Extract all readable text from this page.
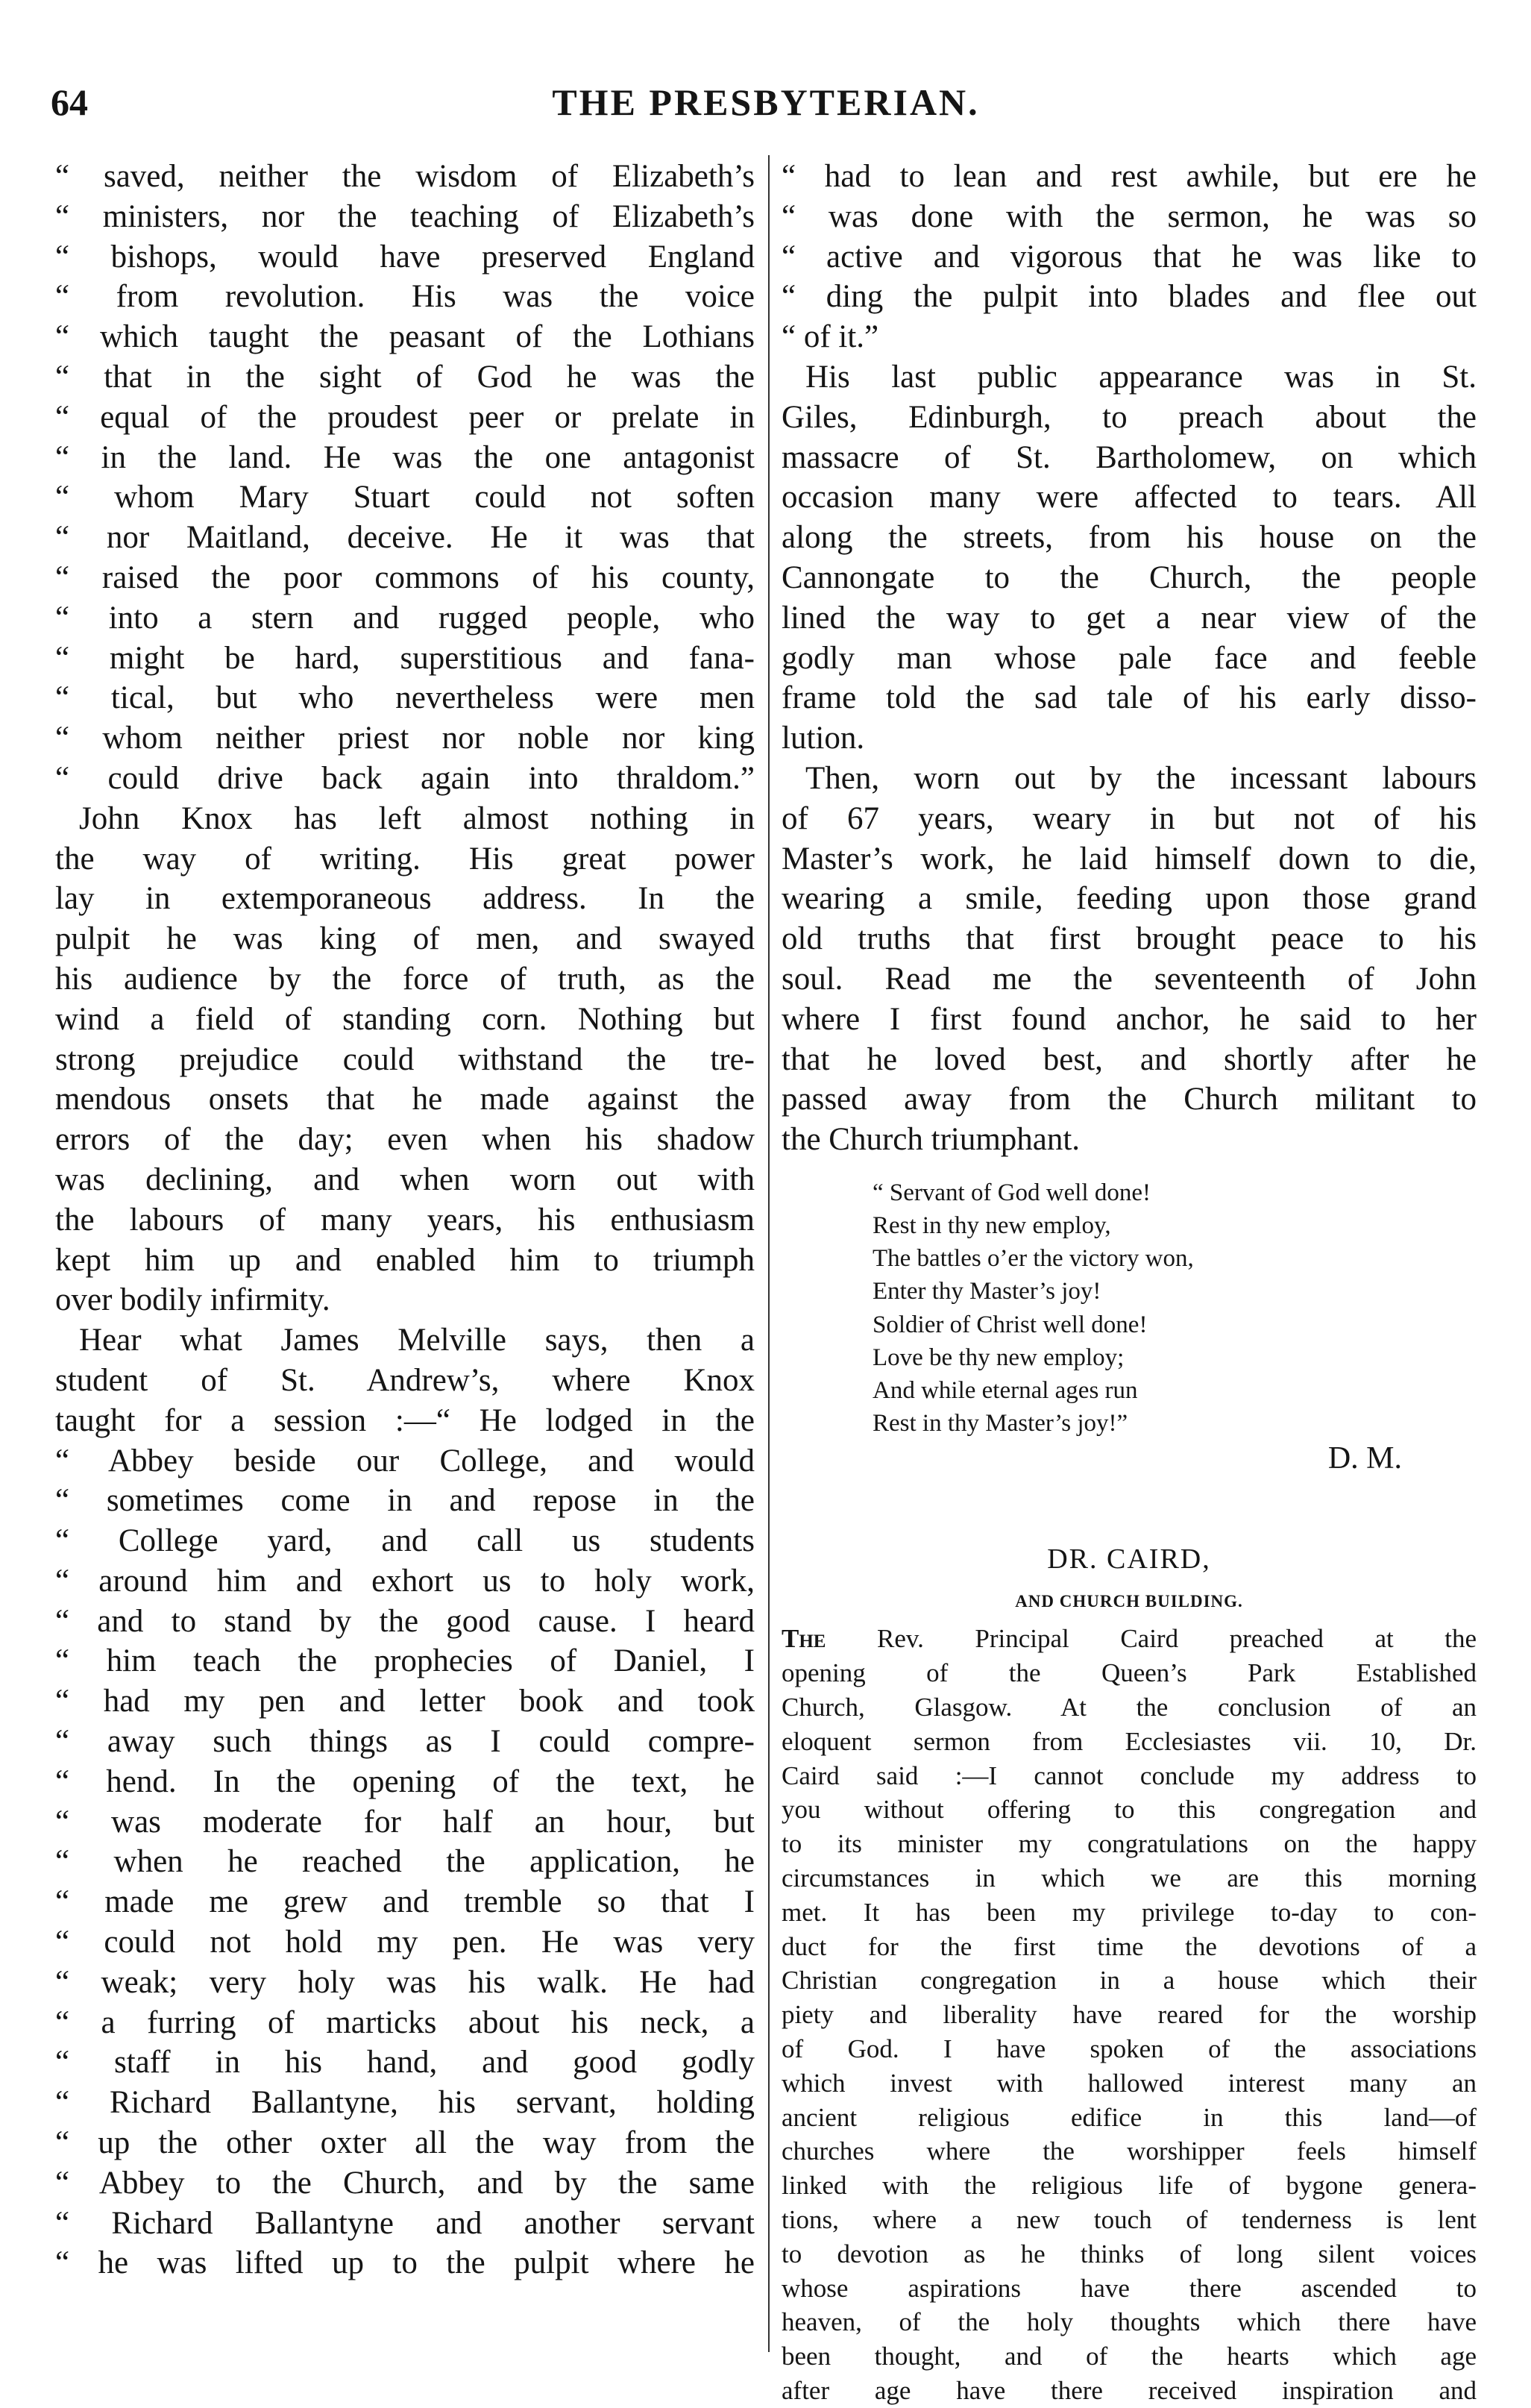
64	THE PRESBYTERIAN.
“ saved, neither the wisdom of Elizabeth’s
“ ministers, nor the teaching of Elizabeth’s
“ bishops, would have preserved England
“ from revolution. His was the voice
“ which taught the peasant of the Lothians
“ that in the sight of God he was the
“ equal of the proudest peer or prelate in
“ in the land. He was the one antagonist
“ whom Mary Stuart could not soften
“ nor Maitland, deceive. He it was that
“ raised the poor commons of his county,
“ into a stern and rugged people, who
“ might be hard, superstitious and fana-
“ tical, but who nevertheless were men
“ whom neither priest nor noble nor king
“ could drive back again into thraldom.”
John Knox has left almost nothing in
the way of writing. His great power
lay in extemporaneous address. In the
pulpit he was king of men, and swayed
his audience by the force of truth, as the
wind a field of standing corn. Nothing but
strong prejudice could withstand the tre-
mendous onsets that he made against the
errors of the day; even when his shadow
was declining, and when worn out with
the labours of many years, his enthusiasm
kept him up and enabled him to triumph
over bodily infirmity.
Hear what James Melville says, then a
student of St. Andrew’s, where Knox
taught for a session :—“ He lodged in the
“ Abbey beside our College, and would
“ sometimes come in and repose in the
“ College yard, and call us students
“ around him and exhort us to holy work,
“ and to stand by the good cause. I heard
“ him teach the prophecies of Daniel, I
“ had my pen and letter book and took
“ away such things as I could compre-
“ hend. In the opening of the text, he
“ was moderate for half an hour, but
“ when he reached the application, he
“ made me grew and tremble so that I
“ could not hold my pen. He was very
“ weak; very holy was his walk. He had
“ a furring of marticks about his neck, a
“ staff in his hand, and good godly
“ Richard Ballantyne, his servant, holding
“ up the other oxter all the way from the
“ Abbey to the Church, and by the same
“ Richard Ballantyne and another servant
“ he was lifted up to the pulpit where he
“ had to lean and rest awhile, but ere he
“ was done with the sermon, he was so
“ active and vigorous that he was like to
“ ding the pulpit into blades and flee out
“ of it.”
His last public appearance was in St.
Giles, Edinburgh, to preach about the
massacre of St. Bartholomew, on which
occasion many were affected to tears. All
along the streets, from his house on the
Cannongate to the Church, the people
lined the way to get a near view of the
godly man whose pale face and feeble
frame told the sad tale of his early disso-
lution.
Then, worn out by the incessant labours
of 67 years, weary in but not of his
Master’s work, he laid himself down to die,
wearing a smile, feeding upon those grand
old truths that first brought peace to his
soul. Read me the seventeenth of John
where I first found anchor, he said to her
that he loved best, and shortly after he
passed away from the Church militant to
the Church triumphant.
“ Servant of God well done!
Rest in thy new employ,
The battles o’er the victory won,
Enter thy Master’s joy!
Soldier of Christ well done!
Love be thy new employ;
And while eternal ages run
Rest in thy Master’s joy!”
D. M.
DR. CAIRD,
AND CHURCH BUILDING.
The Rev. Principal Caird preached at the
opening of the Queen’s Park Established
Church, Glasgow. At the conclusion of an
eloquent sermon from Ecclesiastes vii. 10, Dr.
Caird said :—I cannot conclude my address to
you without offering to this congregation and
to its minister my congratulations on the happy
circumstances in which we are this morning
met. It has been my privilege to-day to con-
duct for the first time the devotions of a
Christian congregation in a house which their
piety and liberality have reared for the worship
of God. I have spoken of the associations
which invest with hallowed interest many an
ancient religious edifice in this land—of
churches where the worshipper feels himself
linked with the religious life of bygone genera-
tions, where a new touch of tenderness is lent
to devotion as he thinks of long silent voices
whose aspirations have there ascended to
heaven, of the holy thoughts which there have
been thought, and of the hearts which age
after age have there received inspiration and
